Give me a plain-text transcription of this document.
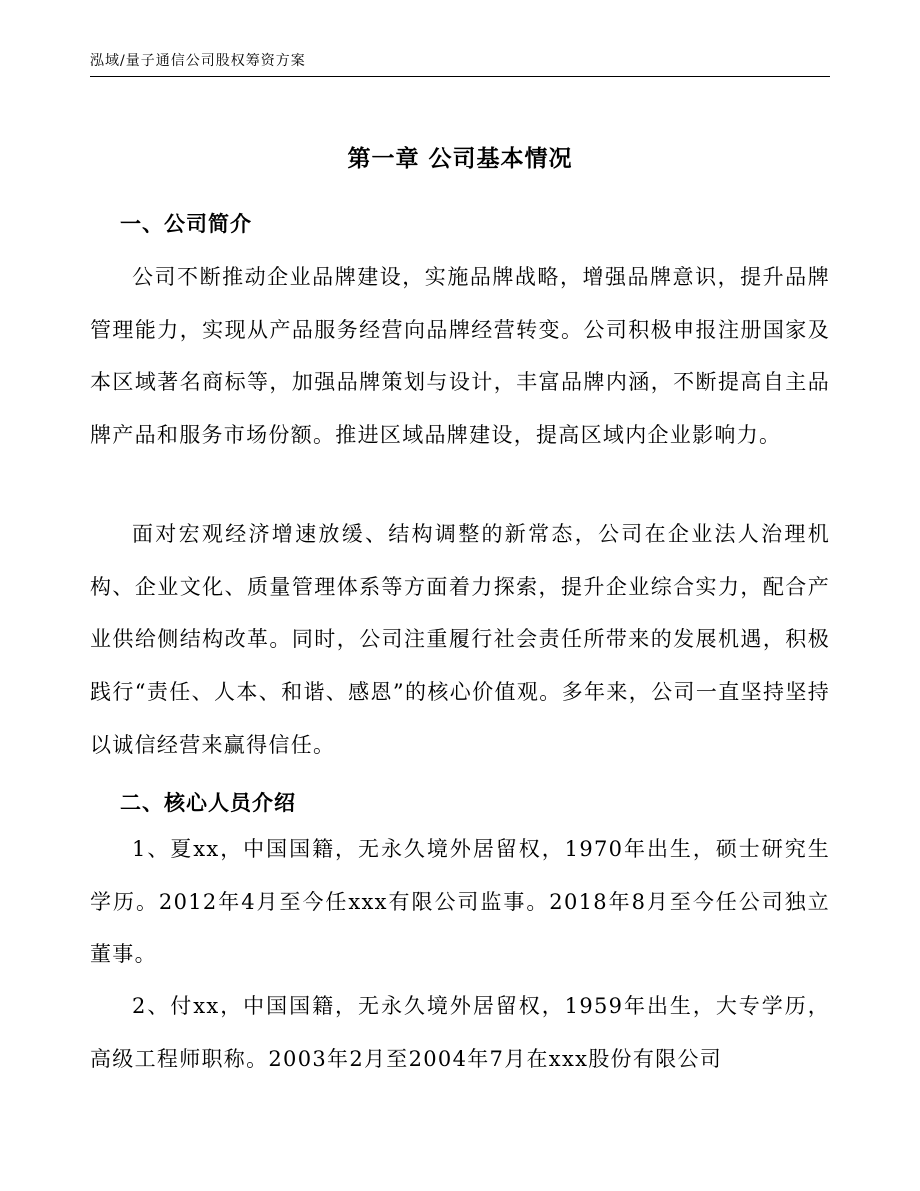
泓域/量子通信公司股权筹资方案
第一章 公司基本情况
一、公司简介

公司不断推动企业品牌建设，实施品牌战略，增强品牌意识，提升品牌管理能力，实现从产品服务经营向品牌经营转变。公司积极申报注册国家及本区域著名商标等，加强品牌策划与设计，丰富品牌内涵，不断提高自主品牌产品和服务市场份额。推进区域品牌建设，提高区域内企业影响力。

面对宏观经济增速放缓、结构调整的新常态，公司在企业法人治理机构、企业文化、质量管理体系等方面着力探索，提升企业综合实力，配合产业供给侧结构改革。同时，公司注重履行社会责任所带来的发展机遇，积极践行“责任、人本、和谐、感恩”的核心价值观。多年来，公司一直坚持坚持以诚信经营来赢得信任。

二、核心人员介绍

1、夏xx，中国国籍，无永久境外居留权，1970年出生，硕士研究生学历。2012年4月至今任xxx有限公司监事。2018年8月至今任公司独立董事。

2、付xx，中国国籍，无永久境外居留权，1959年出生，大专学历，高级工程师职称。2003年2月至2004年7月在xxx股份有限公司
